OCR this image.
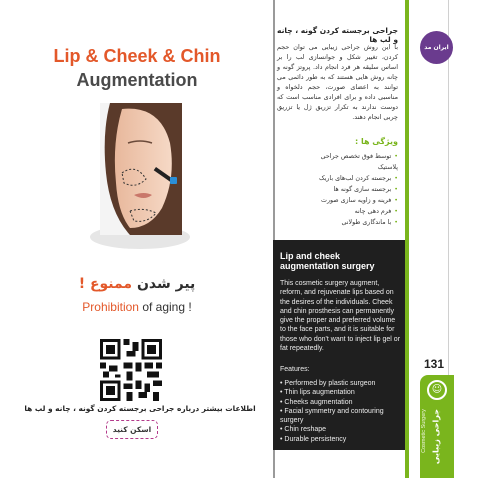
Lip & Cheek & Chin
Augmentation
پیر شدن ممنوع !
Prohibition of aging !
اطلاعات بیشتر درباره جراحی برجسته کردن گونه ، چانه و لب ها
اسکن کنید
جراحی برجسته کردن گونه ، چانه و لب ها
با این روش جراحی زیبایی می توان حجم کردن، تغییر شکل و جوانسازی لب را بر اساس سلیقه هر فرد انجام داد. پروتز گونه و چانه روش هایی هستند که به طور دائمی می توانند به اعضای صورت، حجم دلخواه و مناسبی داده و برای افرادی مناسب است که دوست ندارند به تکرار تزریق ژل یا تزریق چربی انجام دهند.
ویژگی ها :
• توسط فوق تخصص جراحی پلاستیک
• برجسته کردن لب‌های باریک
• برجسته سازی گونه ها
• فرینه و زاویه سازی صورت
• فرم دهی چانه
• با ماندگاری طولانی
Lip and cheek augmentation surgery
This cosmetic surgery augment, reform, and rejuvenate lips based on the desires of the individuals. Cheek and chin prosthesis can permanently give the proper and preferred volume to the face parts, and it is suitable for those who don't want to inject lip gel or fat repeatedly.
Features:
• Performed by plastic surgeon
• Thin lips augmentation
• Cheeks augmentation
• Facial symmetry and contouring surgery
• Chin reshape
• Durable persistency
ایران مد
131
☺
جراحی زیبایی
Cosmetic Surgery
